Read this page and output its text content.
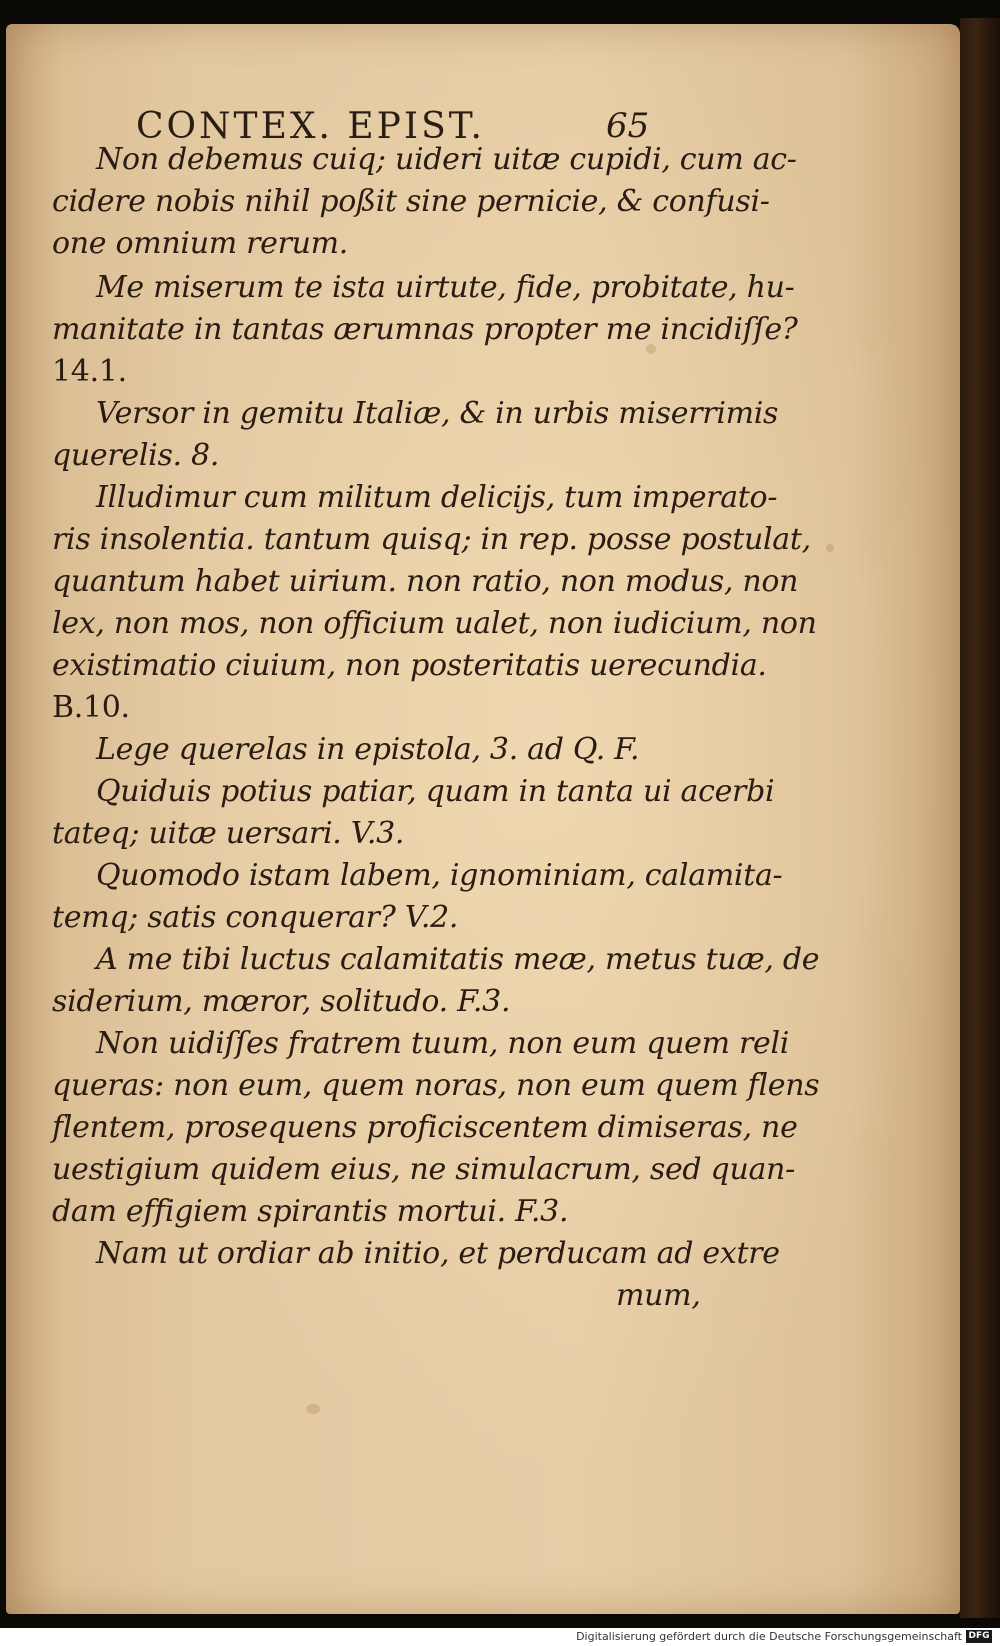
CONTEX. EPIST.	65
Non debemus cuiq; uideri uitæ cupidi, cum ac-
cidere nobis nihil poßit sine pernicie, & confusi-
one omnium rerum.
Me miserum te ista uirtute, fide, probitate, hu-
manitate in tantas ærumnas propter me incidiſſe?
14.1.
Versor in gemitu Italiæ, & in urbis miserrimis
querelis. 8.
Illudimur cum militum delicijs, tum imperato-
ris insolentia. tantum quisq; in rep. posse postulat,
quantum habet uirium. non ratio, non modus, non
lex, non mos, non officium ualet, non iudicium, non
existimatio ciuium, non posteritatis uerecundia.
B.10.
Lege querelas in epistola, 3. ad Q. F.
Quiduis potius patiar, quam in tanta ui acerbi
tateq; uitæ uersari. V.3.
Quomodo istam labem, ignominiam, calamita-
temq; satis conquerar? V.2.
A me tibi luctus calamitatis meæ, metus tuæ, de
siderium, mœror, solitudo. F.3.
Non uidiſſes fratrem tuum, non eum quem reli
queras: non eum, quem noras, non eum quem flens
flentem, prosequens proficiscentem dimiseras, ne
uestigium quidem eius, ne simulacrum, sed quan-
dam effigiem spirantis mortui. F.3.
Nam ut ordiar ab initio, et perducam ad extre
mum,
Digitalisierung gefördert durch die Deutsche Forschungsgemeinschaft DFG
